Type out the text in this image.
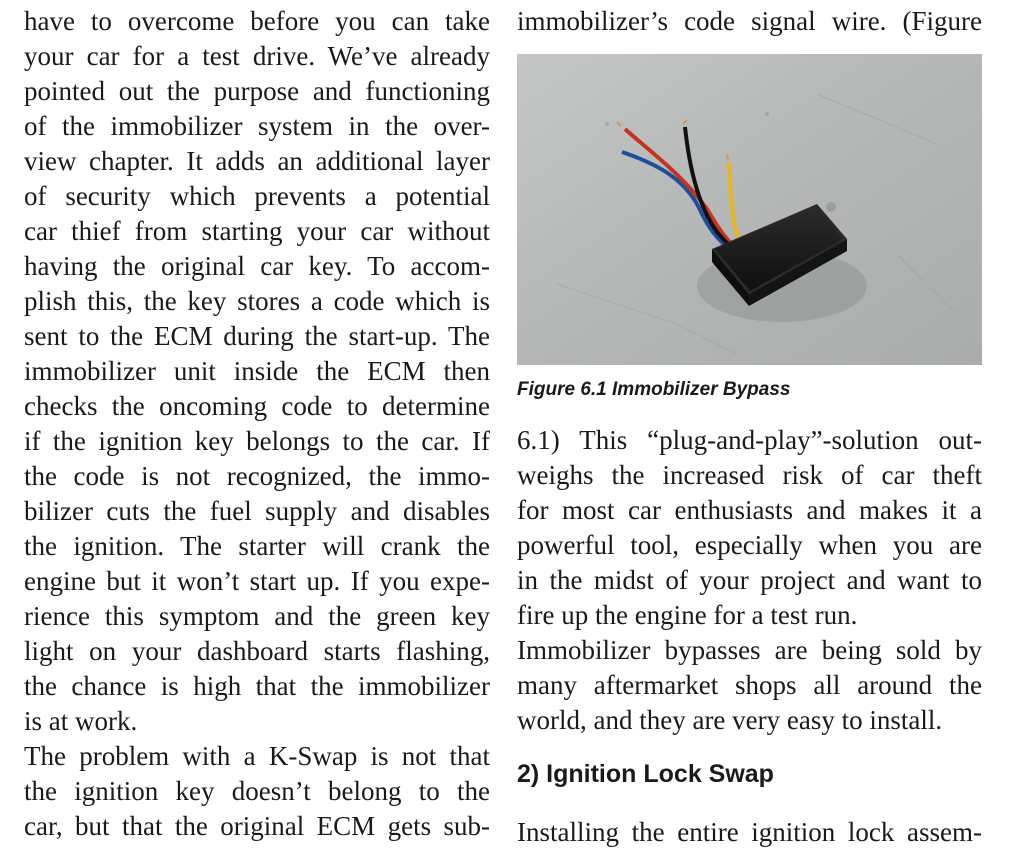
have to overcome before you can take
your car for a test drive. We’ve already
pointed out the purpose and functioning
of the immobilizer system in the over-
view chapter. It adds an additional layer
of security which prevents a potential
car thief from starting your car without
having the original car key. To accom-
plish this, the key stores a code which is
sent to the ECM during the start-up. The
immobilizer unit inside the ECM then
checks the oncoming code to determine
if the ignition key belongs to the car. If
the code is not recognized, the immo-
bilizer cuts the fuel supply and disables
the ignition. The starter will crank the
engine but it won’t start up. If you expe-
rience this symptom and the green key
light on your dashboard starts flashing,
the chance is high that the immobilizer
is at work.
The problem with a K-Swap is not that
the ignition key doesn’t belong to the
car, but that the original ECM gets sub-
immobilizer’s code signal wire. (Figure
Figure 6.1 Immobilizer Bypass
6.1) This “plug-and-play”-solution out-
weighs the increased risk of car theft
for most car enthusiasts and makes it a
powerful tool, especially when you are
in the midst of your project and want to
fire up the engine for a test run.
Immobilizer bypasses are being sold by
many aftermarket shops all around the
world, and they are very easy to install.
Installing the entire ignition lock assem-
2) Ignition Lock Swap
